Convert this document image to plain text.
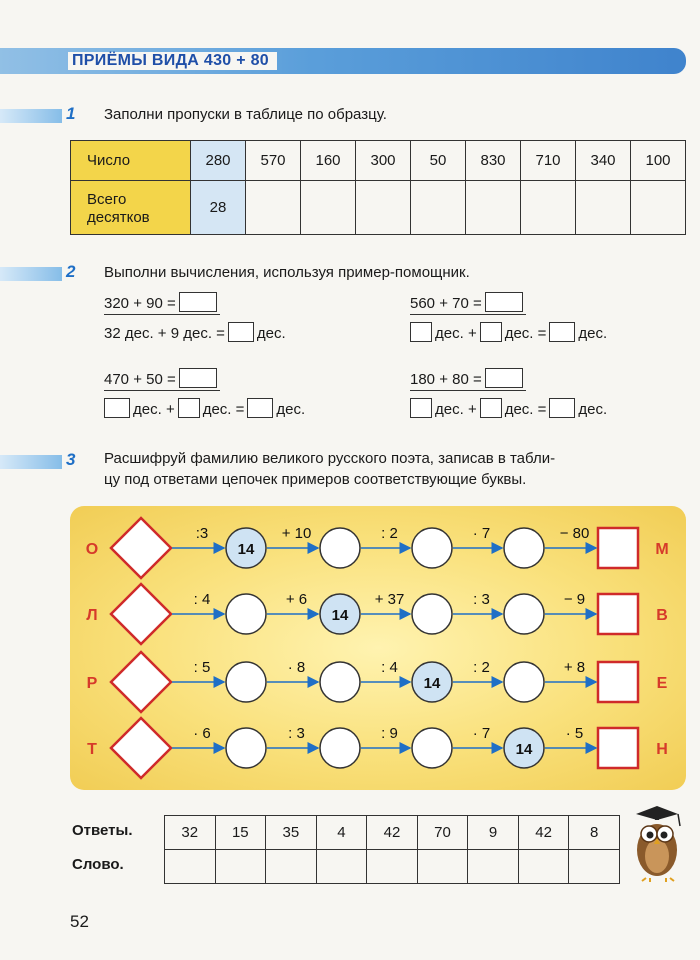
ПРИЁМЫ ВИДА 430 + 80
1 Заполни пропуски в таблице по образцу.
Число	280	570	160	300	50	830	710	340	100
Всего
десятков	28								
2 Выполни вычисления, используя пример-помощник.
320 + 90 =
32 дес. + 9 дес. = дес.
560 + 70 =
дес. + дес. = дес.
470 + 50 =
дес. + дес. = дес.
180 + 80 =
дес. + дес. = дес.
3 Расшифруй фамилию великого русского поэта, записав в табли-
цу под ответами цепочек примеров соответствующие буквы.
О	14	М
:3	+ 10	: 2	· 7	− 80
Л	14	В
: 4	+ 6	+ 37	: 3	− 9
Р	14	Е
: 5	· 8	: 4	: 2	+ 8
Т	14	Н
· 6	: 3	: 9	· 7	· 5
Ответы.
Слово.
32	15	35	4	42	70	9	42	8

52
